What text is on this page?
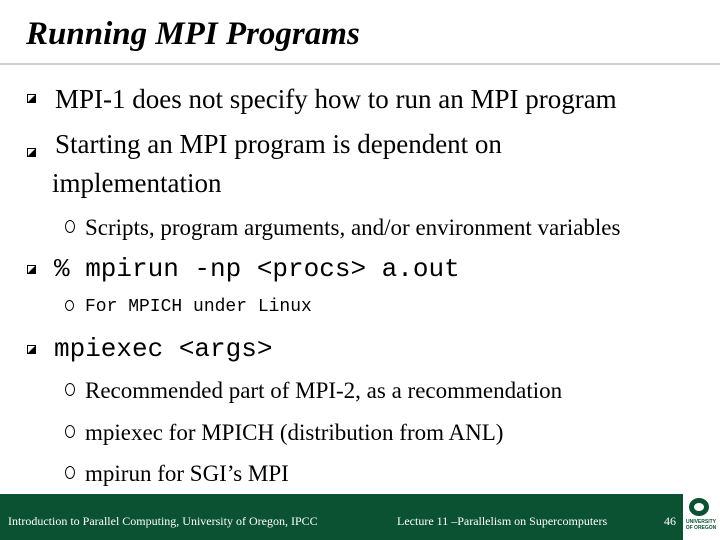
Running MPI Programs
MPI-1 does not specify how to run an MPI program
Starting an MPI program is dependent on
implementation
Scripts, program arguments, and/or environment variables
% mpirun -np <procs> a.out
For MPICH under Linux
mpiexec <args>
Recommended part of MPI-2, as a recommendation
mpiexec for MPICH (distribution from ANL)
mpirun for SGI’s MPI
Introduction to Parallel Computing, University of Oregon, IPCC	Lecture 11 –Parallelism on Supercomputers	46	UNIVERSITY
OF OREGON
